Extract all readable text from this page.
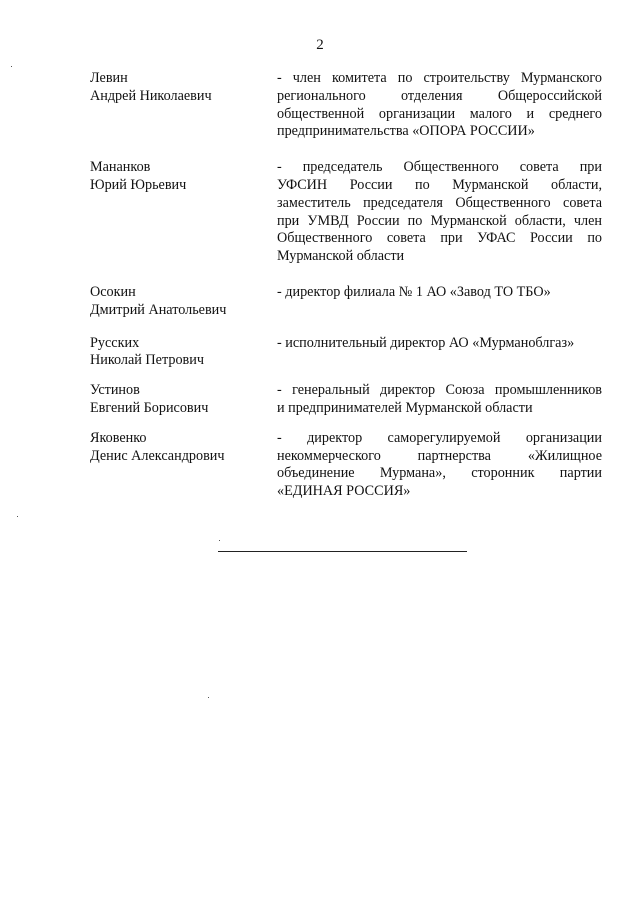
2
Левин
Андрей Николаевич
- член комитета по строительству Мурманского
регионального отделения Общероссийской
общественной организации малого и среднего
предпринимательства «ОПОРА РОССИИ»
Мананков
Юрий Юрьевич
- председатель Общественного совета при
УФСИН России по Мурманской области,
заместитель председателя Общественного совета
при УМВД России по Мурманской области, член
Общественного совета при УФАС России по
Мурманской области
Осокин
Дмитрий Анатольевич
- директор филиала № 1 АО «Завод ТО ТБО»
Русских
Николай Петрович
- исполнительный директор АО «Мурманоблгаз»
Устинов
Евгений Борисович
- генеральный директор Союза промышленников
и предпринимателей Мурманской области
Яковенко
Денис Александрович
- директор саморегулируемой организации
некоммерческого партнерства «Жилищное
объединение Мурмана», сторонник партии
«ЕДИНАЯ РОССИЯ»
